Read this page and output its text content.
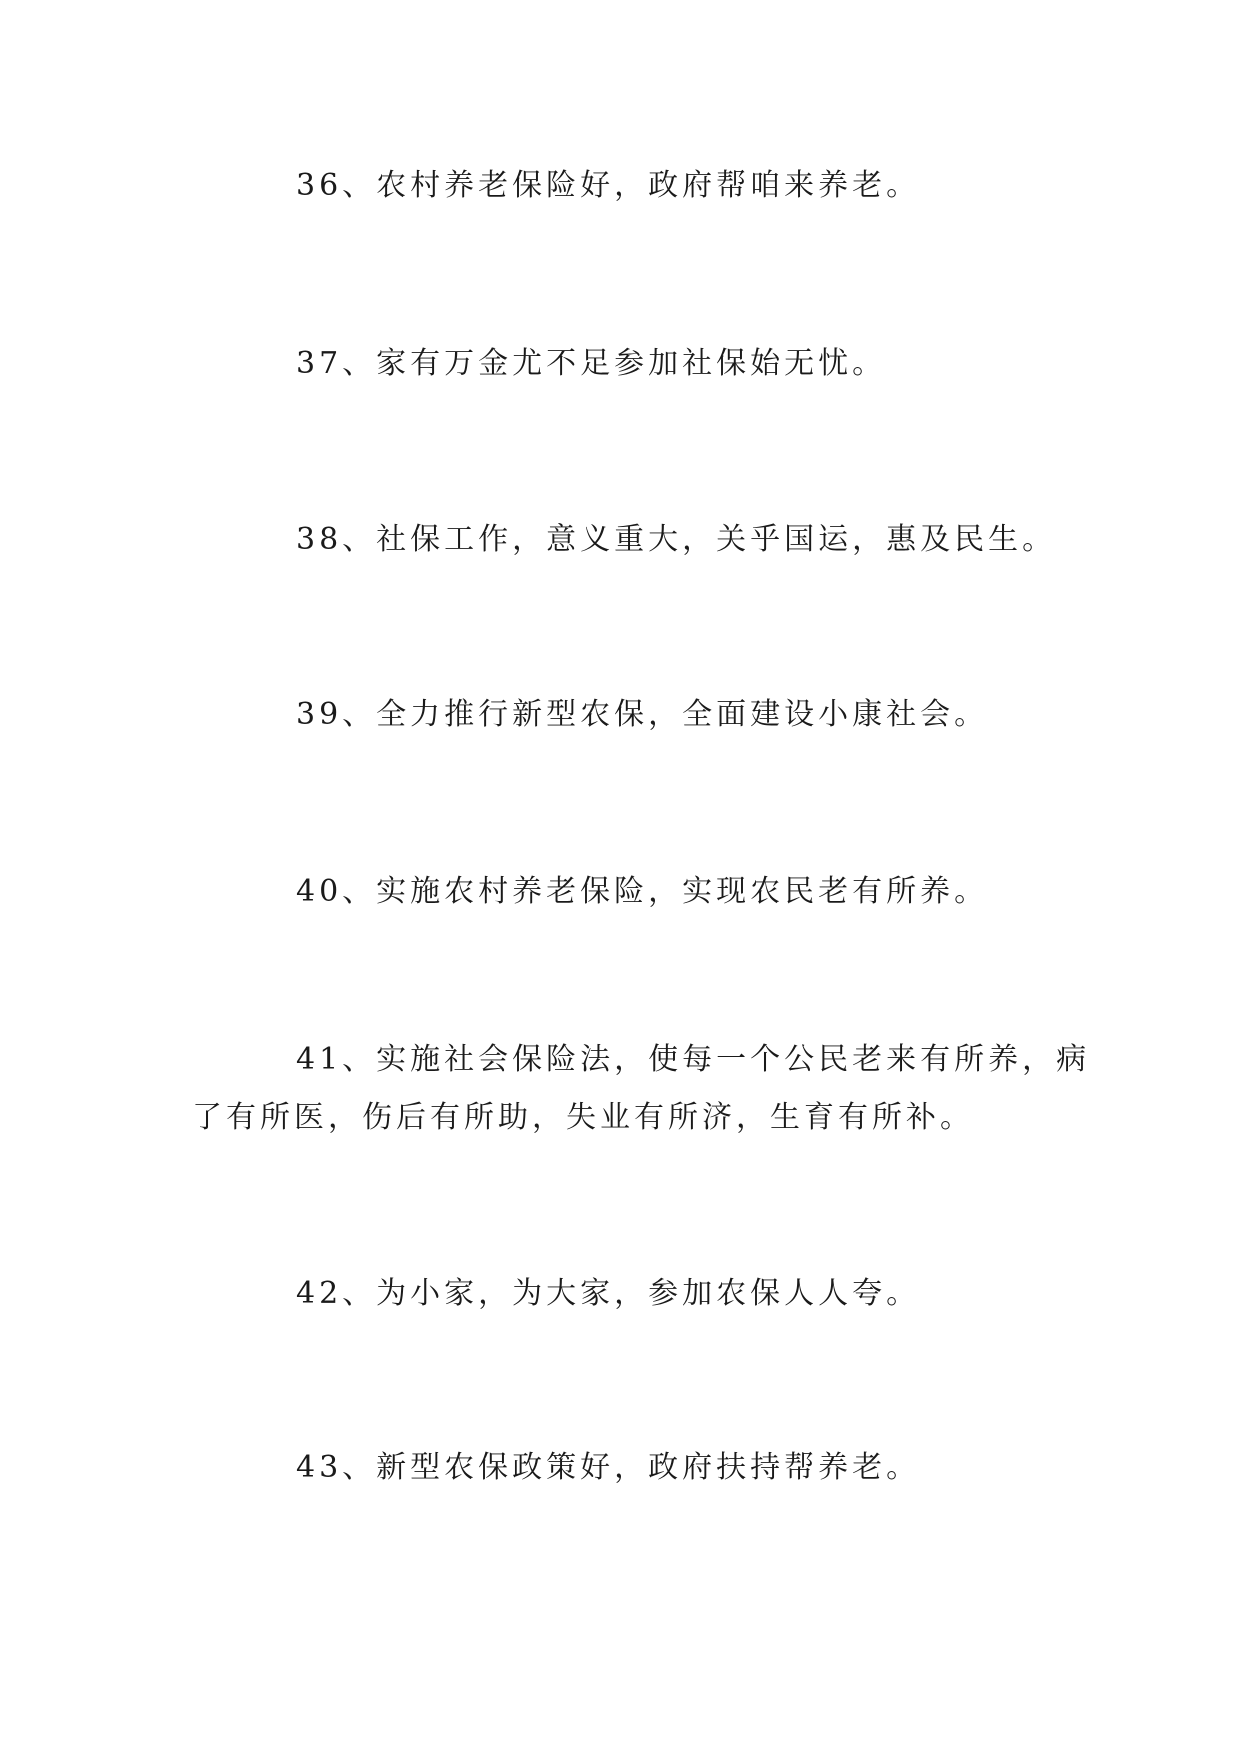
36、农村养老保险好，政府帮咱来养老。

37、家有万金尤不足参加社保始无忧。

38、社保工作，意义重大，关乎国运，惠及民生。

39、全力推行新型农保，全面建设小康社会。

40、实施农村养老保险，实现农民老有所养。

41、实施社会保险法，使每一个公民老来有所养，病
了有所医，伤后有所助，失业有所济，生育有所补。

42、为小家，为大家，参加农保人人夸。

43、新型农保政策好，政府扶持帮养老。
